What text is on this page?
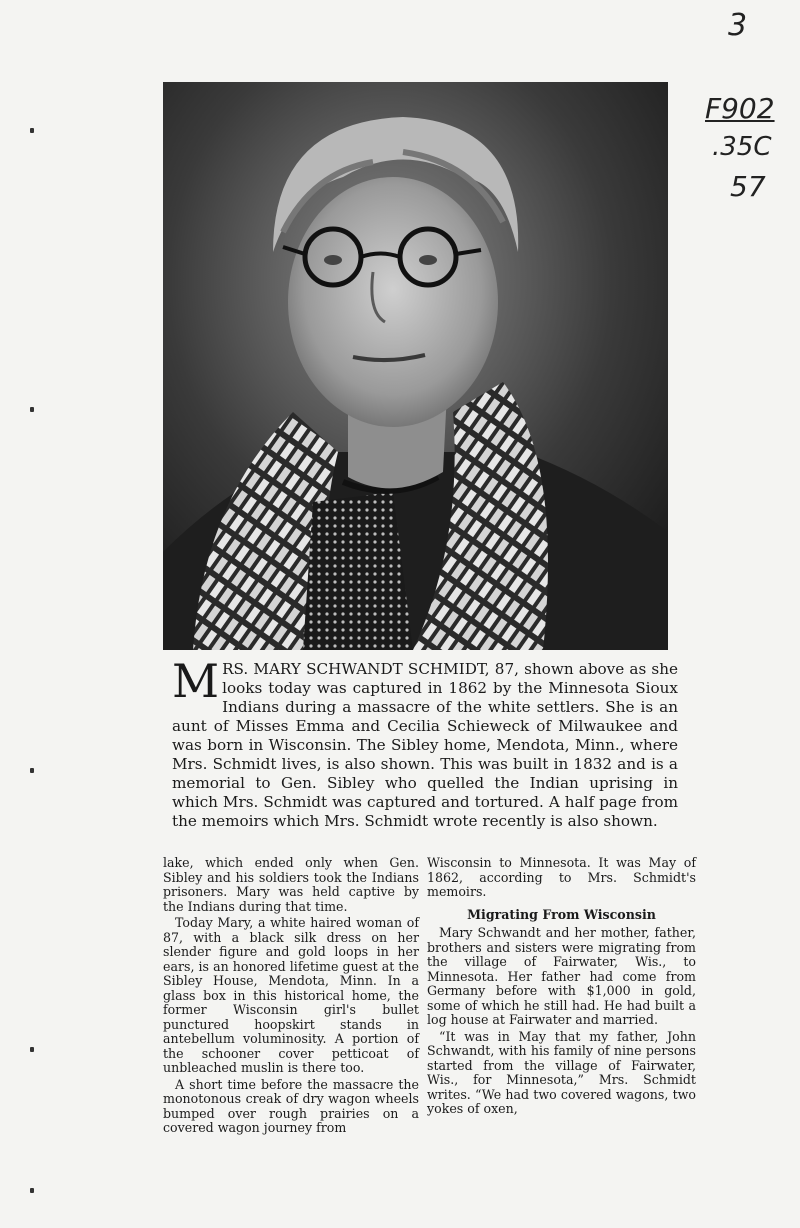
3
F902
.35C
57
M RS. MARY SCHWANDT SCHMIDT, 87, shown above as she looks today was captured in 1862 by the Minnesota Sioux Indians during a massacre of the white settlers. She is an aunt of Misses Emma and Cecilia Schieweck of Milwaukee and was born in Wisconsin. The Sibley home, Mendota, Minn., where Mrs. Schmidt lives, is also shown. This was built in 1832 and is a memorial to Gen. Sibley who quelled the Indian uprising in which Mrs. Schmidt was captured and tortured. A half page from the memoirs which Mrs. Schmidt wrote recently is also shown.

lake, which ended only when Gen. Sibley and his soldiers took the Indians prisoners. Mary was held captive by the Indians during that time.

Today Mary, a white haired woman of 87, with a black silk dress on her slender figure and gold loops in her ears, is an honored lifetime guest at the Sibley House, Mendota, Minn. In a glass box in this historical home, the former Wisconsin girl's bullet punctured hoopskirt stands in antebellum voluminosity. A portion of the schooner cover petticoat of unbleached muslin is there too.

A short time before the massacre the monotonous creak of dry wagon wheels bumped over rough prairies on a covered wagon journey from

Wisconsin to Minnesota. It was May of 1862, according to Mrs. Schmidt's memoirs.

Migrating From Wisconsin

Mary Schwandt and her mother, father, brothers and sisters were migrating from the village of Fairwater, Wis., to Minnesota. Her father had come from Germany before with $1,000 in gold, some of which he still had. He had built a log house at Fairwater and married.

“It was in May that my father, John Schwandt, with his family of nine persons started from the village of Fairwater, Wis., for Minnesota,” Mrs. Schmidt writes. “We had two covered wagons, two yokes of oxen,
